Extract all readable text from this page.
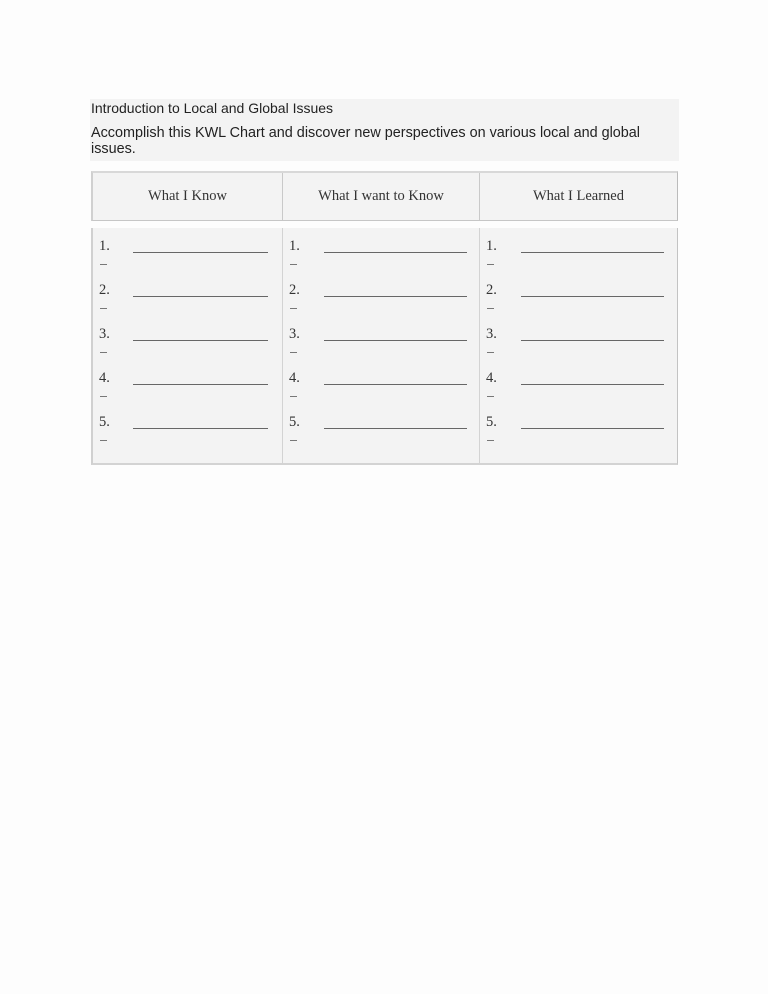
Introduction to Local and Global Issues
Accomplish this KWL Chart and discover new perspectives on various local and global issues.
What I Know	What I want to Know	What I Learned
1.
2.
3.
4.
5.
1.
2.
3.
4.
5.
1.
2.
3.
4.
5.
